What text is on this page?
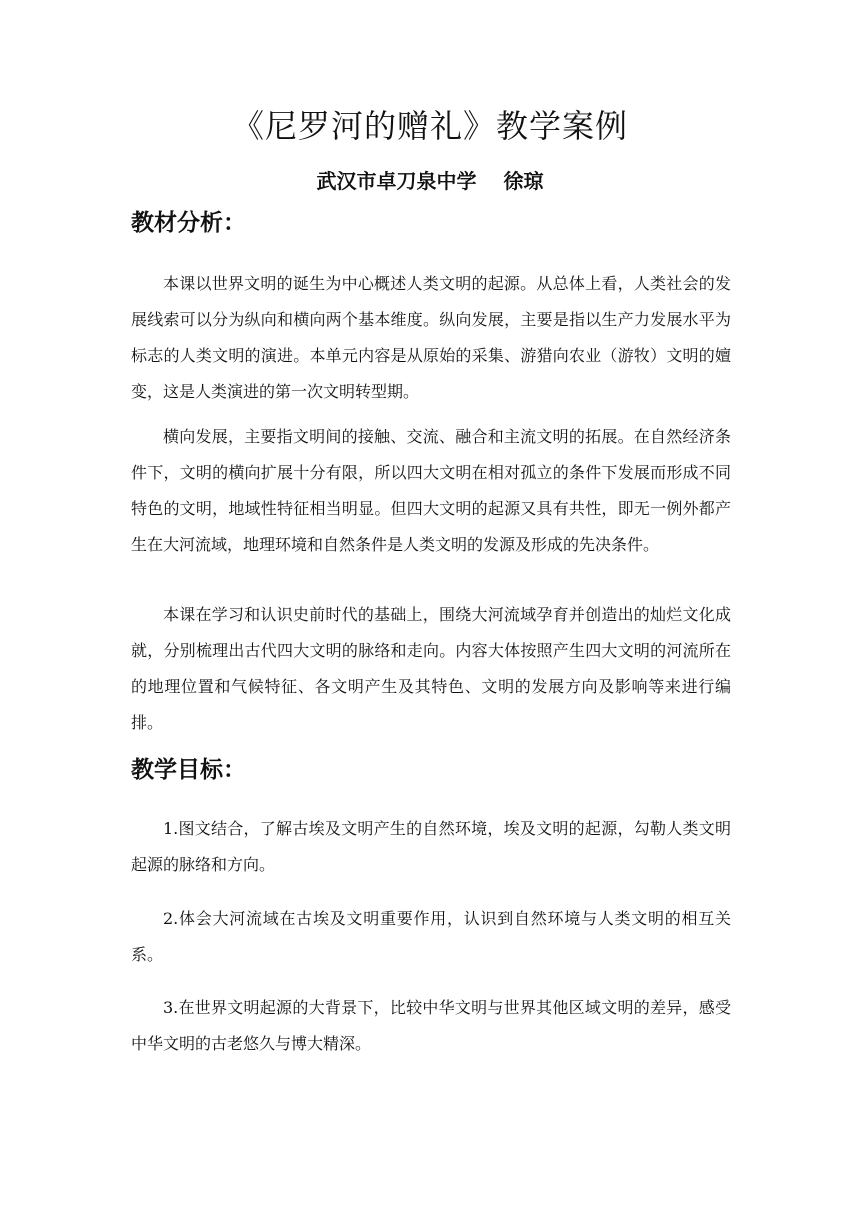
《尼罗河的赠礼》教学案例
武汉市卓刀泉中学　 徐琼
教材分析：

本课以世界文明的诞生为中心概述人类文明的起源。从总体上看，人类社会的发展线索可以分为纵向和横向两个基本维度。纵向发展，主要是指以生产力发展水平为标志的人类文明的演进。本单元内容是从原始的采集、游猎向农业（游牧）文明的嬗变，这是人类演进的第一次文明转型期。

横向发展，主要指文明间的接触、交流、融合和主流文明的拓展。在自然经济条件下，文明的横向扩展十分有限，所以四大文明在相对孤立的条件下发展而形成不同特色的文明，地域性特征相当明显。但四大文明的起源又具有共性，即无一例外都产生在大河流域，地理环境和自然条件是人类文明的发源及形成的先决条件。

本课在学习和认识史前时代的基础上，围绕大河流域孕育并创造出的灿烂文化成就，分别梳理出古代四大文明的脉络和走向。内容大体按照产生四大文明的河流所在的地理位置和气候特征、各文明产生及其特色、文明的发展方向及影响等来进行编排。

教学目标：

1.图文结合，了解古埃及文明产生的自然环境，埃及文明的起源，勾勒人类文明起源的脉络和方向。

2.体会大河流域在古埃及文明重要作用，认识到自然环境与人类文明的相互关系。

3.在世界文明起源的大背景下，比较中华文明与世界其他区域文明的差异，感受中华文明的古老悠久与博大精深。
